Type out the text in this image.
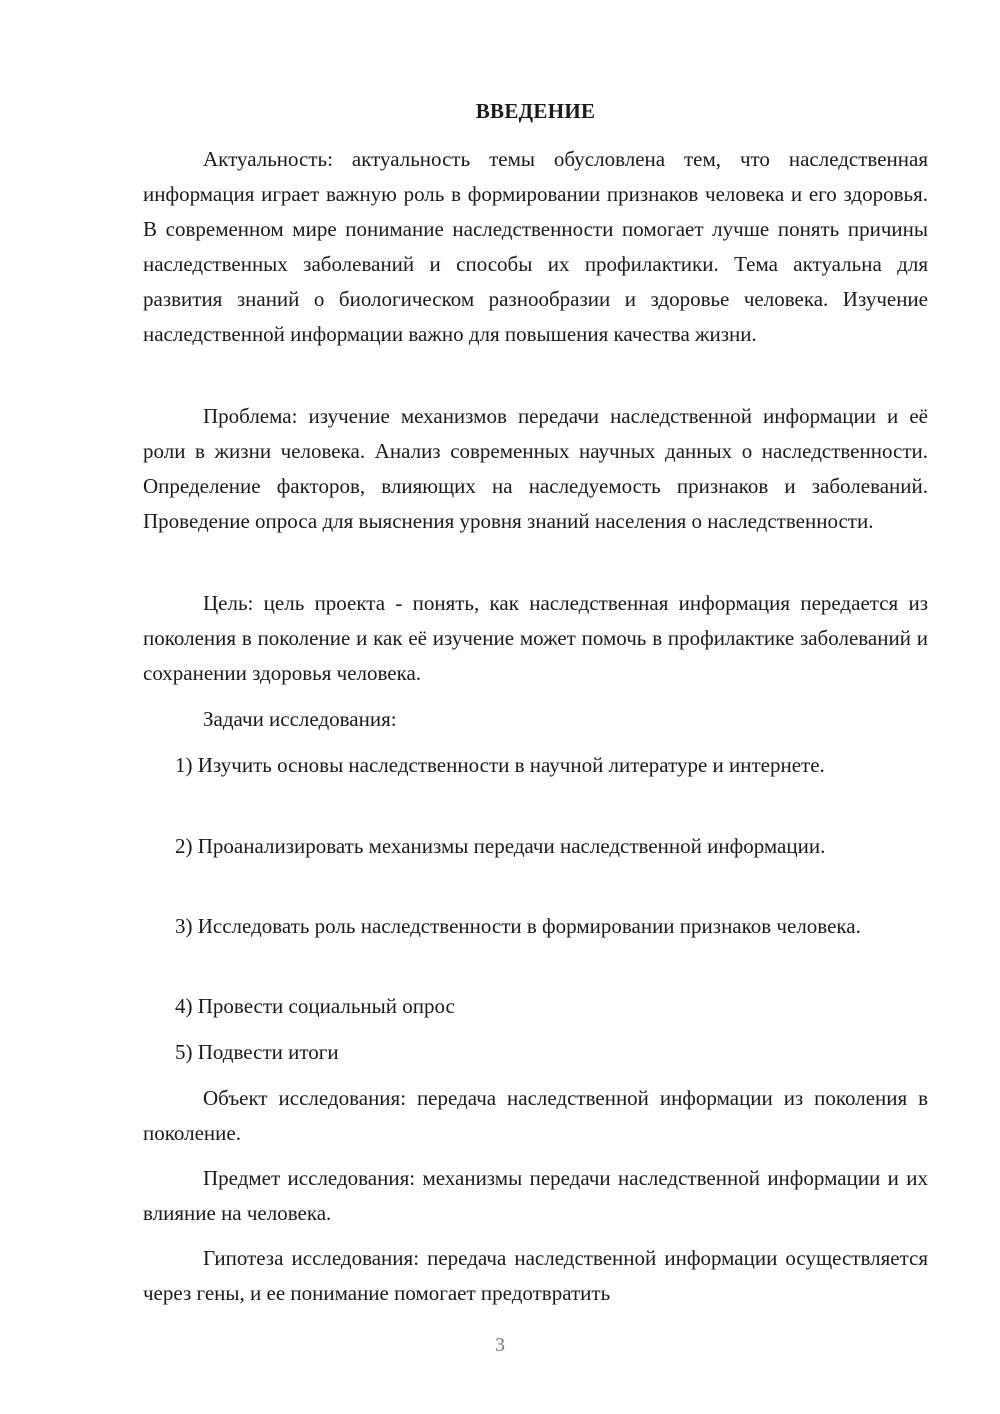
ВВЕДЕНИЕ

Актуальность: актуальность темы обусловлена тем, что наследственная информация играет важную роль в формировании признаков человека и его здоровья. В современном мире понимание наследственности помогает лучше понять причины наследственных заболеваний и способы их профилактики. Тема актуальна для развития знаний о биологическом разнообразии и здоровье человека. Изучение наследственной информации важно для повышения качества жизни.

Проблема: изучение механизмов передачи наследственной информации и её роли в жизни человека. Анализ современных научных данных о наследственности. Определение факторов, влияющих на наследуемость признаков и заболеваний. Проведение опроса для выяснения уровня знаний населения о наследственности.

Цель: цель проекта - понять, как наследственная информация передается из поколения в поколение и как её изучение может помочь в профилактике заболеваний и сохранении здоровья человека.

Задачи исследования:

1) Изучить основы наследственности в научной литературе и интернете.

2) Проанализировать механизмы передачи наследственной информации.

3) Исследовать роль наследственности в формировании признаков человека.

4) Провести социальный опрос

5) Подвести итоги

Объект исследования: передача наследственной информации из поколения в поколение.

Предмет исследования: механизмы передачи наследственной информации и их влияние на человека.

Гипотеза исследования: передача наследственной информации осуществляется через гены, и ее понимание помогает предотвратить

3
